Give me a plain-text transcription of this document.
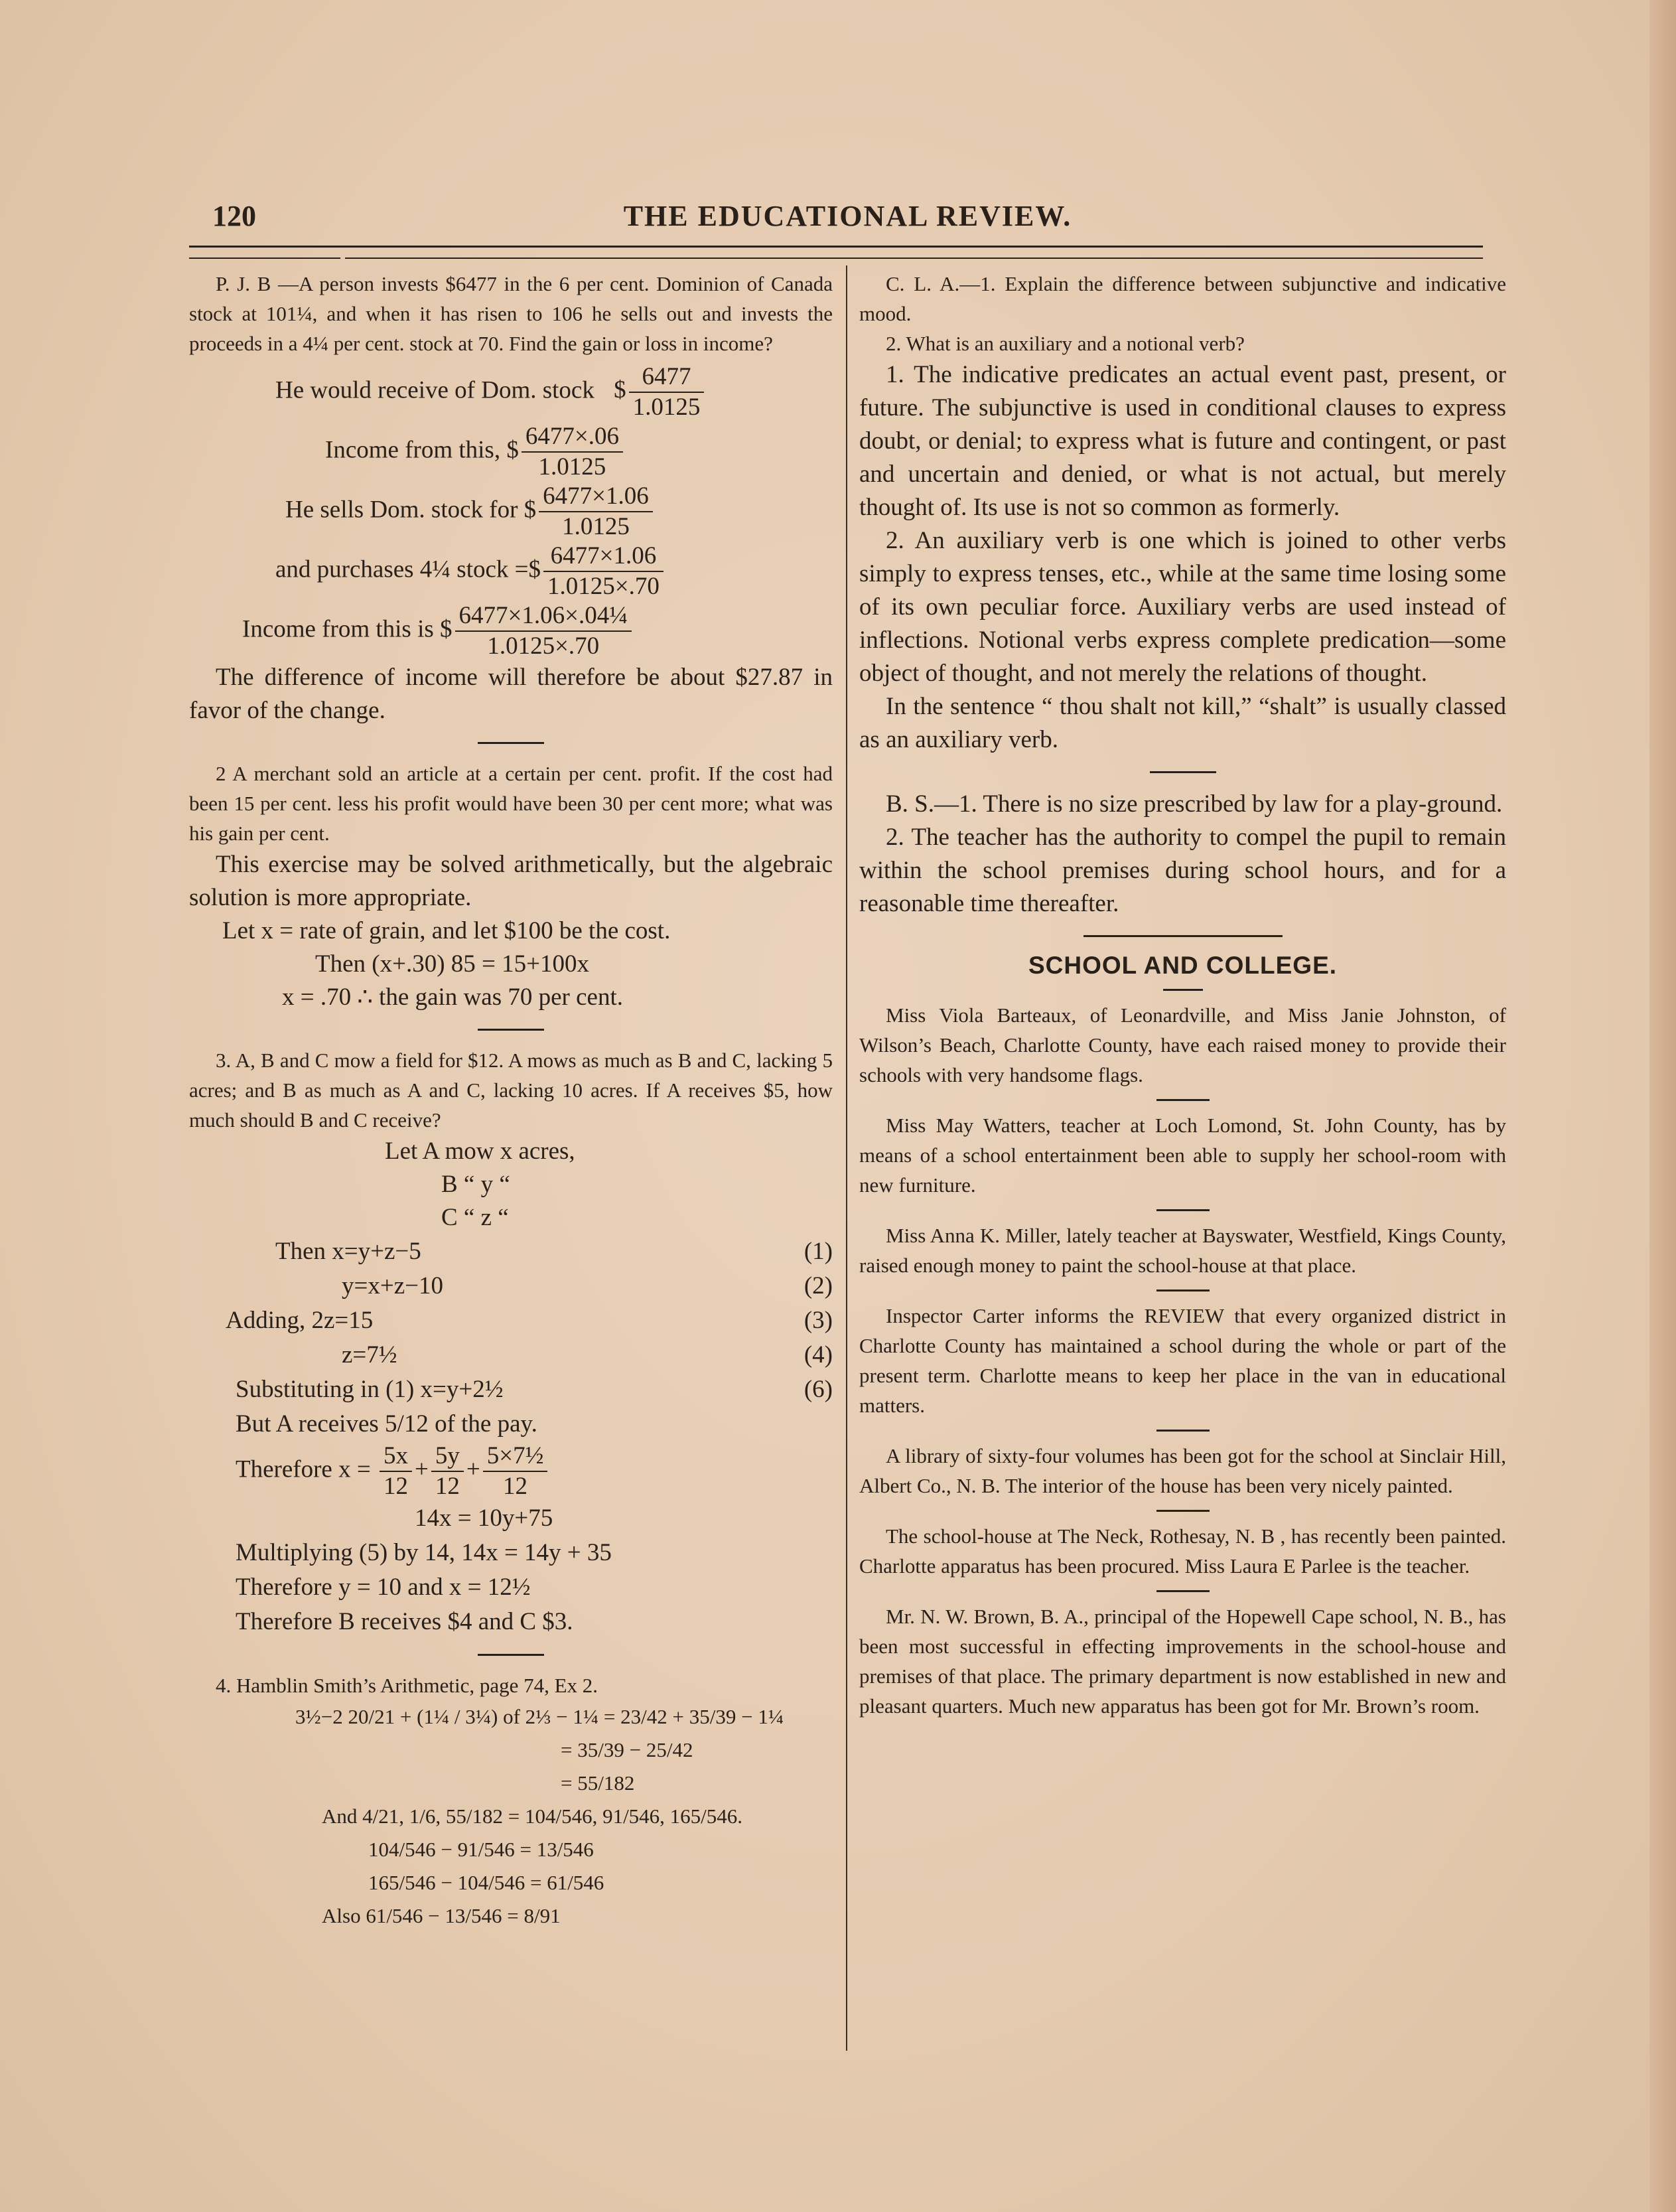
120	THE EDUCATIONAL REVIEW.

P. J. B —A person invests $6477 in the 6 per cent. Dominion of Canada stock at 101¼, and when it has risen to 106 he sells out and invests the proceeds in a 4¼ per cent. stock at 70. Find the gain or loss in income?

He would receive of Dom. stock $ $\frac{6477}{1.0125}$
Income from this, $ $\frac{6477\times.06}{1.0125}$
He sells Dom. stock for $ $\frac{6477\times 1.06}{1.0125}$
and purchases 4¼ stock =$ $\frac{6477\times 1.06}{1.0125\times.70}$
Income from this is $ $\frac{\text{6477×1.06×.04¼}}{1.0125\times.70}$

The difference of income will therefore be about $27.87 in favor of the change.

2 A merchant sold an article at a certain per cent. profit. If the cost had been 15 per cent. less his profit would have been 30 per cent more; what was his gain per cent.

This exercise may be solved arithmetically, but the algebraic solution is more appropriate.

Let x = rate of grain, and let $100 be the cost.
Then (x+.30) 85 = 15+100x
x = .70 ∴ the gain was 70 per cent.

3. A, B and C mow a field for $12. A mows as much as B and C, lacking 5 acres; and B as much as A and C, lacking 10 acres. If A receives $5, how much should B and C receive?

Let A mow x acres,
B “ y “
C “ z “
Then x=y+z−5	(1)
y=x+z−10	(2)
Adding, 2z=15	(3)
z=7½	(4)
Substituting in (1) x=y+2½	(6)
But A receives 5/12 of the pay.
Therefore $x = \frac{5x}{12} + \frac{5y}{12} + \frac{\text{5×7½}}{12}$
14x = 10y+75
Multiplying (5) by 14, 14x = 14y + 35
Therefore y = 10 and x = 12½
Therefore B receives $4 and C $3.

4. Hamblin Smith’s Arithmetic, page 74, Ex 2.

3½−2 20/21 + (1¼ / 3¼) of 2⅓ − 1¼ = 23/42 + 35/39 − 1¼
= 35/39 − 25/42
= 55/182
And 4/21, 1/6, 55/182 = 104/546, 91/546, 165/546.
104/546 − 91/546 = 13/546
165/546 − 104/546 = 61/546
Also 61/546 − 13/546 = 8/91

C. L. A.—1. Explain the difference between subjunctive and indicative mood.

2. What is an auxiliary and a notional verb?

1. The indicative predicates an actual event past, present, or future. The subjunctive is used in conditional clauses to express doubt, or denial; to express what is future and contingent, or past and uncertain and denied, or what is not actual, but merely thought of. Its use is not so common as formerly.

2. An auxiliary verb is one which is joined to other verbs simply to express tenses, etc., while at the same time losing some of its own peculiar force. Auxiliary verbs are used instead of inflections. Notional verbs express complete predication—some object of thought, and not merely the relations of thought.

In the sentence “ thou shalt not kill,” “shalt” is usually classed as an auxiliary verb.

B. S.—1. There is no size prescribed by law for a play-ground.

2. The teacher has the authority to compel the pupil to remain within the school premises during school hours, and for a reasonable time thereafter.

SCHOOL AND COLLEGE.

Miss Viola Barteaux, of Leonardville, and Miss Janie Johnston, of Wilson’s Beach, Charlotte County, have each raised money to provide their schools with very handsome flags.

Miss May Watters, teacher at Loch Lomond, St. John County, has by means of a school entertainment been able to supply her school-room with new furniture.

Miss Anna K. Miller, lately teacher at Bayswater, Westfield, Kings County, raised enough money to paint the school-house at that place.

Inspector Carter informs the REVIEW that every organized district in Charlotte County has maintained a school during the whole or part of the present term. Charlotte means to keep her place in the van in educational matters.

A library of sixty-four volumes has been got for the school at Sinclair Hill, Albert Co., N. B. The interior of the house has been very nicely painted.

The school-house at The Neck, Rothesay, N. B , has recently been painted. Charlotte apparatus has been procured. Miss Laura E Parlee is the teacher.

Mr. N. W. Brown, B. A., principal of the Hopewell Cape school, N. B., has been most successful in effecting improvements in the school-house and premises of that place. The primary department is now established in new and pleasant quarters. Much new apparatus has been got for Mr. Brown’s room.
